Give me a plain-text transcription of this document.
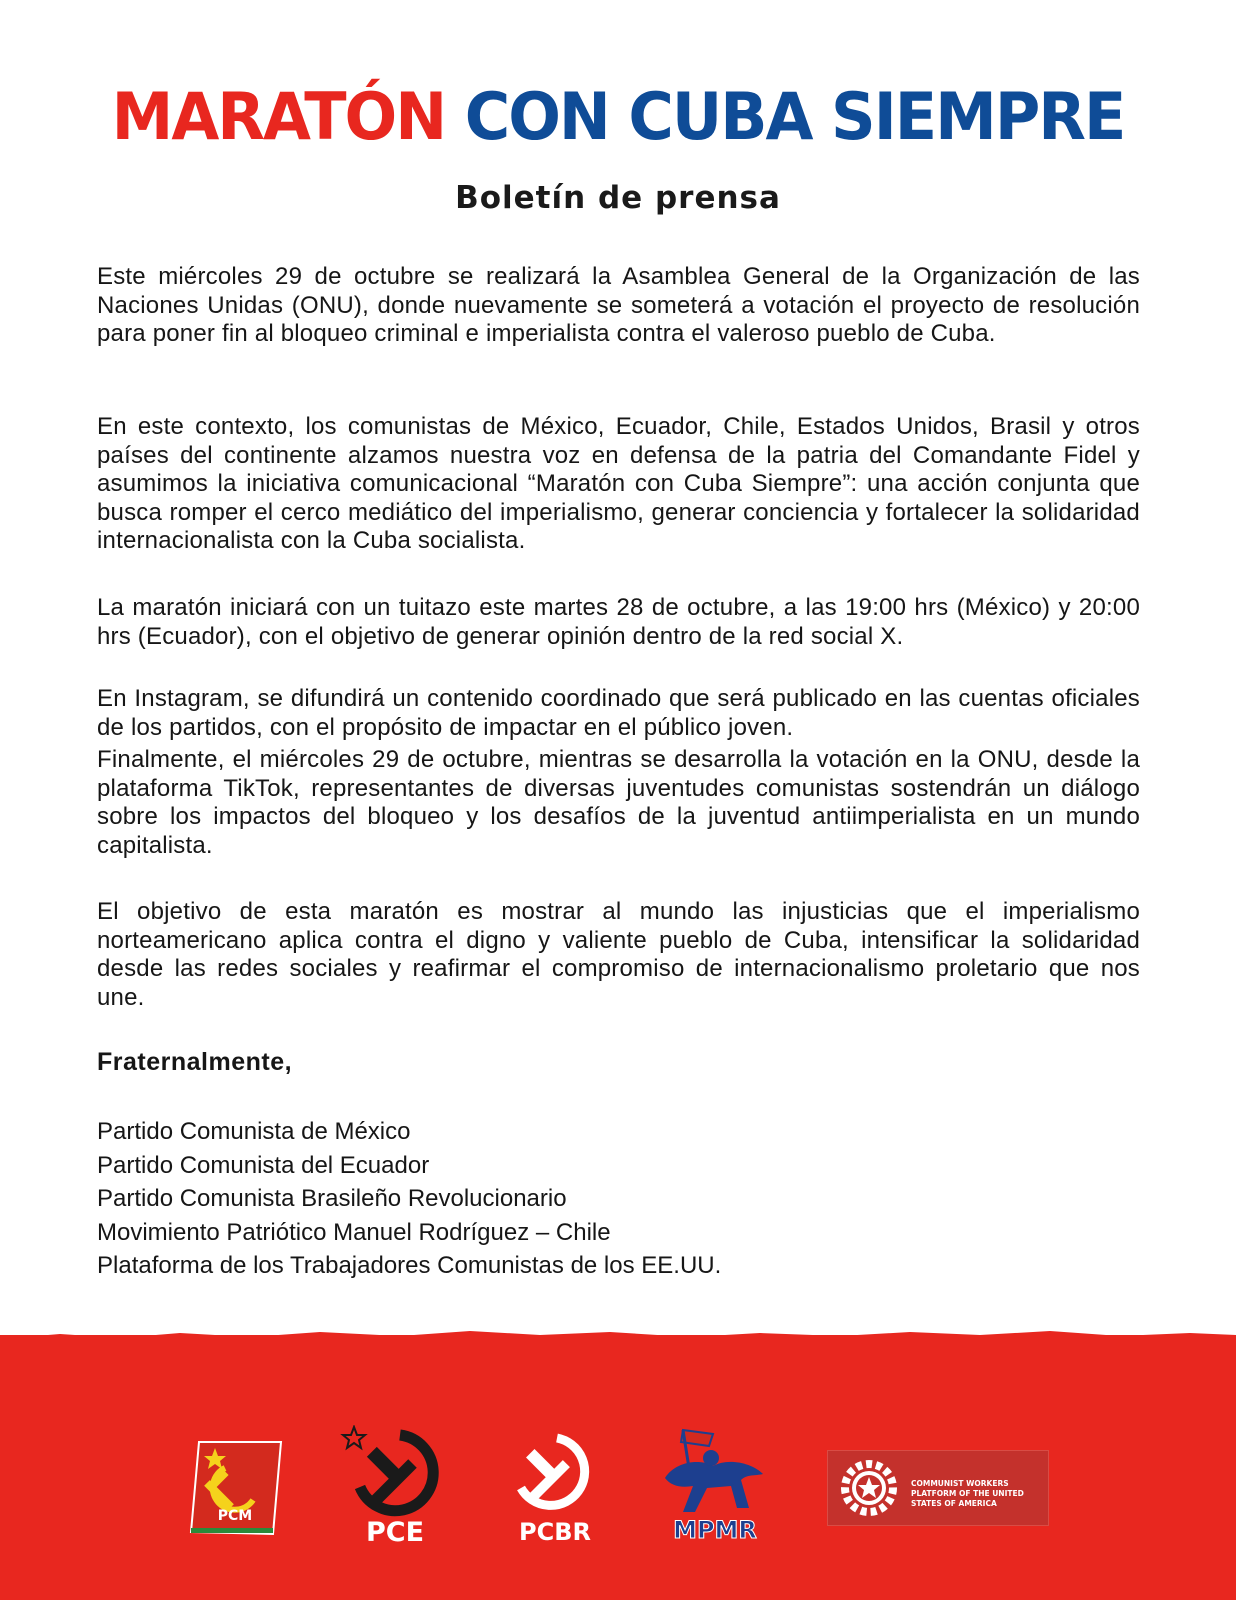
MARATÓN CON CUBA SIEMPRE
Boletín de prensa

Este miércoles 29 de octubre se realizará la Asamblea General de la Organización de las Naciones Unidas (ONU), donde nuevamente se someterá a votación el proyecto de resolución para poner fin al bloqueo criminal e imperialista contra el valeroso pueblo de Cuba.

En este contexto, los comunistas de México, Ecuador, Chile, Estados Unidos, Brasil y otros países del continente alzamos nuestra voz en defensa de la patria del Comandante Fidel y asumimos la iniciativa comunicacional “Maratón con Cuba Siempre”: una acción conjunta que busca romper el cerco mediático del imperialismo, generar conciencia y fortalecer la solidaridad internacionalista con la Cuba socialista.

La maratón iniciará con un tuitazo este martes 28 de octubre, a las 19:00 hrs (México) y 20:00 hrs (Ecuador), con el objetivo de generar opinión dentro de la red social X.

En Instagram, se difundirá un contenido coordinado que será publicado en las cuentas oficiales de los partidos, con el propósito de impactar en el público joven.

Finalmente, el miércoles 29 de octubre, mientras se desarrolla la votación en la ONU, desde la plataforma TikTok, representantes de diversas juventudes comunistas sostendrán un diálogo sobre los impactos del bloqueo y los desafíos de la juventud antiimperialista en un mundo capitalista.

El objetivo de esta maratón es mostrar al mundo las injusticias que el imperialismo norteamericano aplica contra el digno y valiente pueblo de Cuba, intensificar la solidaridad desde las redes sociales y reafirmar el compromiso de internacionalismo proletario que nos une.

Fraternalmente,
Partido Comunista de México
Partido Comunista del Ecuador
Partido Comunista Brasileño Revolucionario
Movimiento Patriótico Manuel Rodríguez – Chile
Plataforma de los Trabajadores Comunistas de los EE.UU.
PCM
PCE	PCBR	MPMR
COMMUNIST WORKERS PLATFORM OF THE UNITED STATES OF AMERICA
